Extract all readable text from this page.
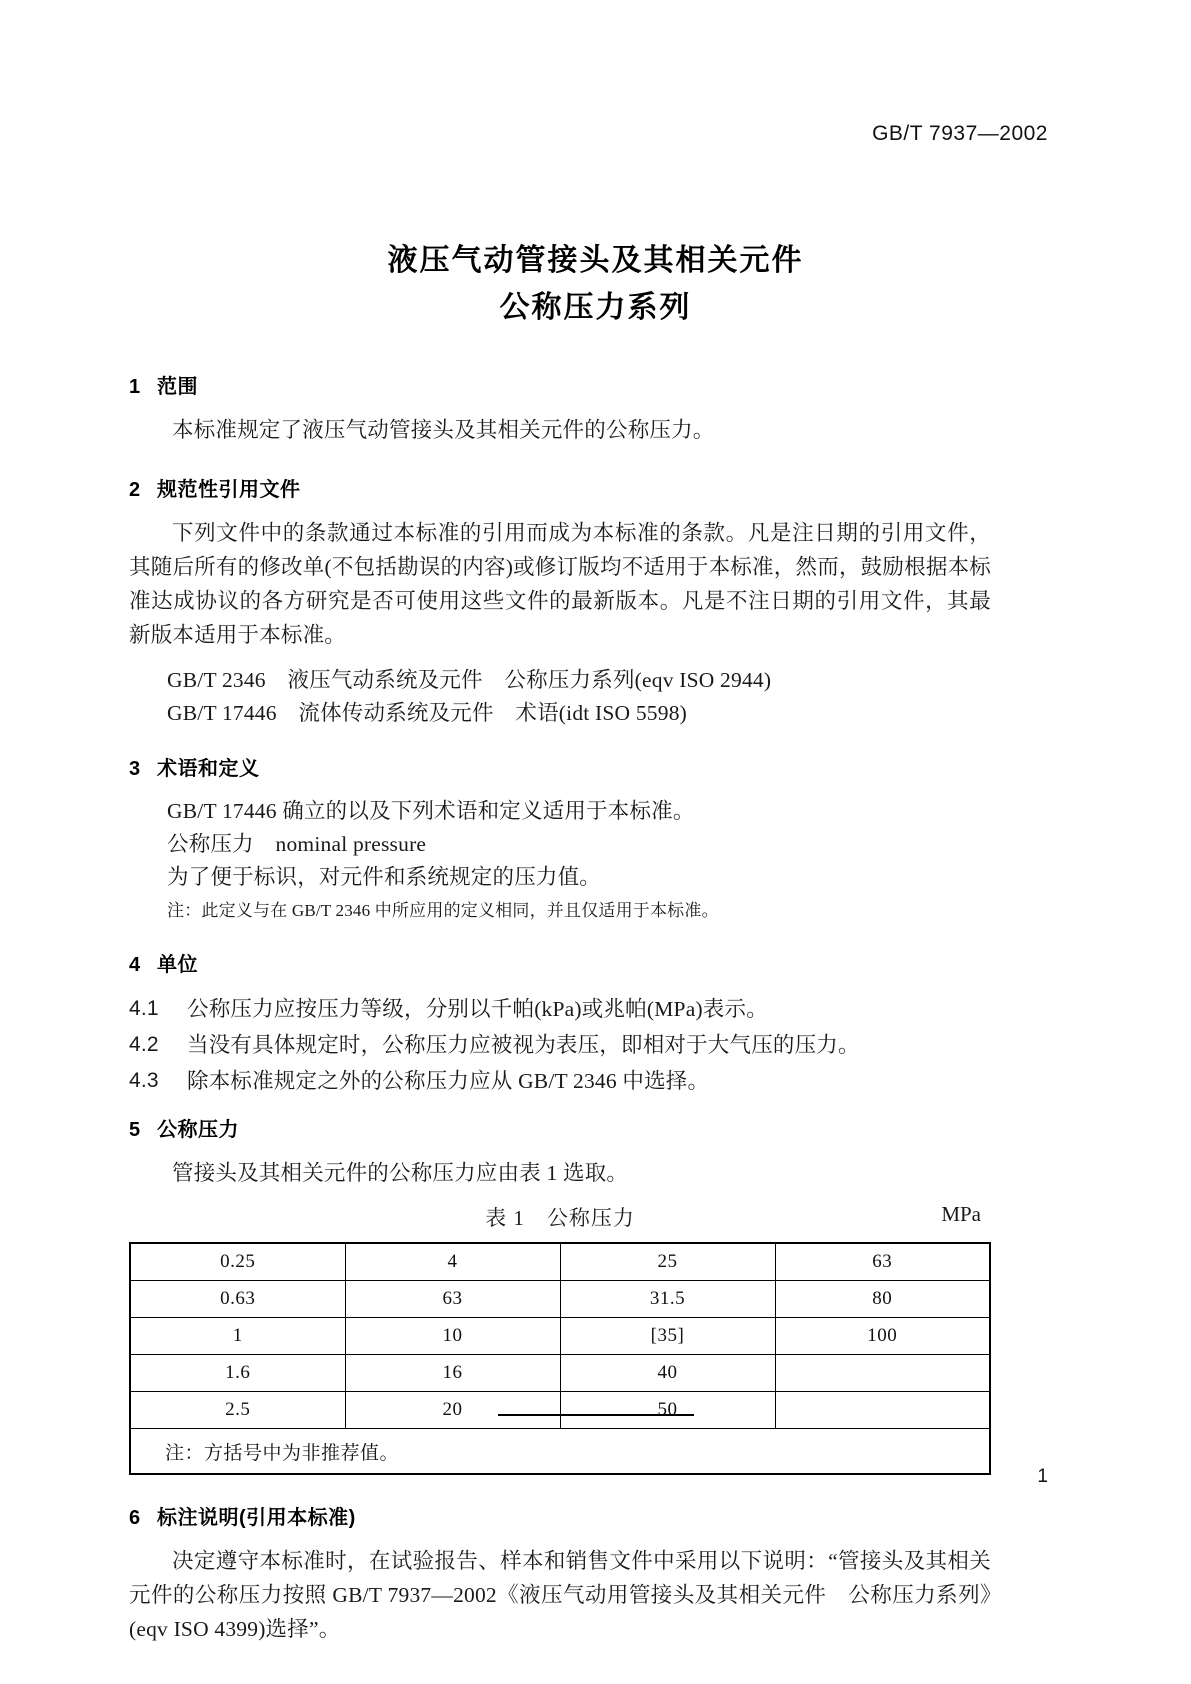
GB/T 7937—2002
液压气动管接头及其相关元件
公称压力系列
1 范围

本标准规定了液压气动管接头及其相关元件的公称压力。

2 规范性引用文件

下列文件中的条款通过本标准的引用而成为本标准的条款。凡是注日期的引用文件，其随后所有的修改单(不包括勘误的内容)或修订版均不适用于本标准，然而，鼓励根据本标准达成协议的各方研究是否可使用这些文件的最新版本。凡是不注日期的引用文件，其最新版本适用于本标准。

GB/T 2346　液压气动系统及元件　公称压力系列(eqv ISO 2944)

GB/T 17446　流体传动系统及元件　术语(idt ISO 5598)

3 术语和定义

GB/T 17446 确立的以及下列术语和定义适用于本标准。

公称压力　nominal pressure

为了便于标识，对元件和系统规定的压力值。

注：此定义与在 GB/T 2346 中所应用的定义相同，并且仅适用于本标准。

4 单位
4.1	公称压力应按压力等级，分别以千帕(kPa)或兆帕(MPa)表示。
4.2	当没有具体规定时，公称压力应被视为表压，即相对于大气压的压力。
4.3	除本标准规定之外的公称压力应从 GB/T 2346 中选择。
5 公称压力

管接头及其相关元件的公称压力应由表 1 选取。

表 1　公称压力	MPa
0.25	4	25	63
0.63	63	31.5	80
1	10	[35]	100
1.6	16	40	
2.5	20	50	
注：方括号中为非推荐值。			
6 标注说明(引用本标准)

决定遵守本标准时，在试验报告、样本和销售文件中采用以下说明：“管接头及其相关元件的公称压力按照 GB/T 7937—2002《液压气动用管接头及其相关元件　公称压力系列》(eqv ISO 4399)选择”。

1
